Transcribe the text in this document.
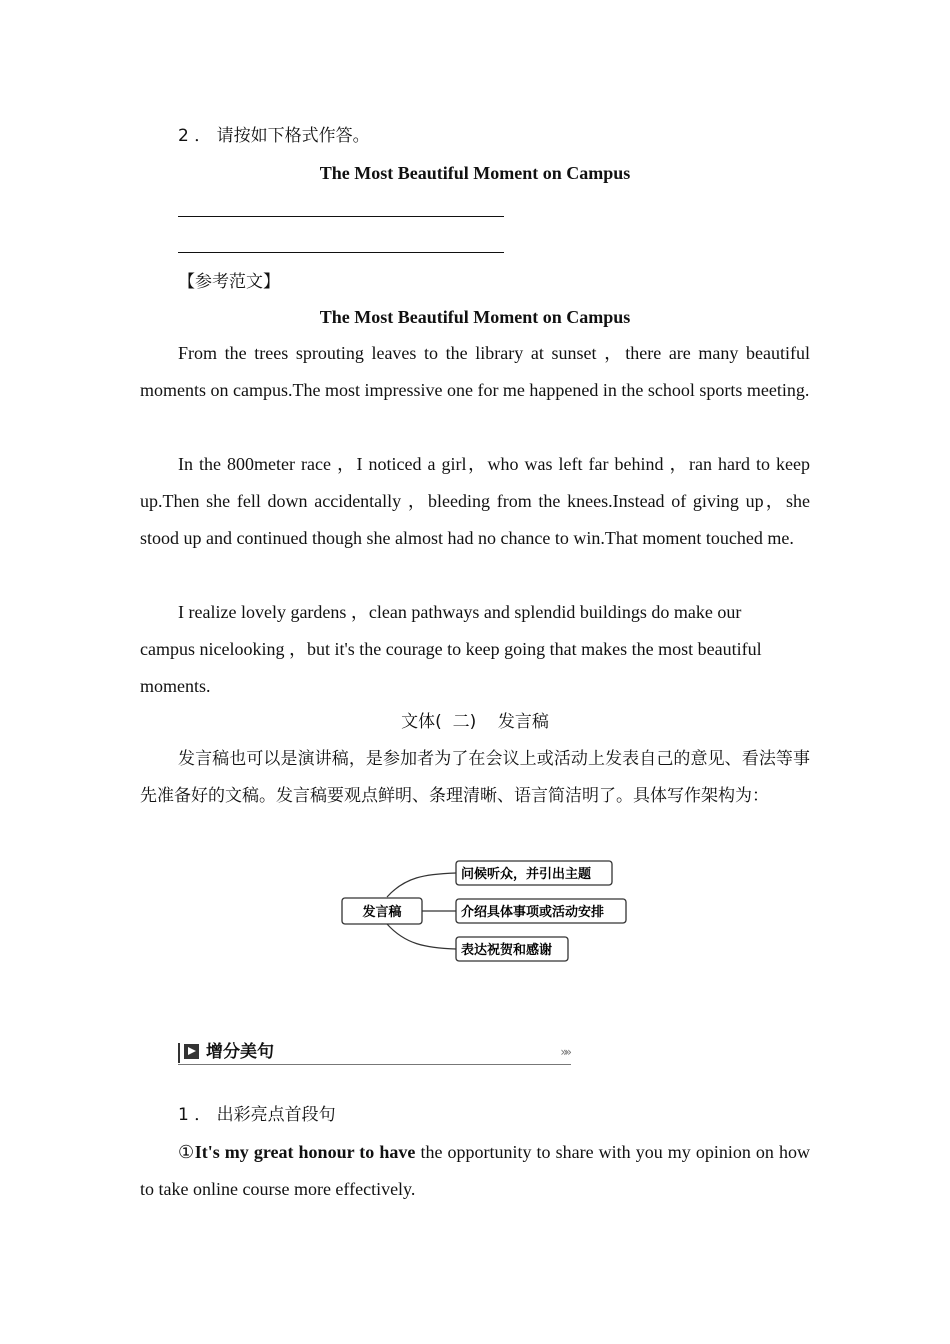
2 ． 请按如下格式作答。

The Most Beautiful Moment on Campus

【参考范文】

The Most Beautiful Moment on Campus

From the trees sprouting leaves to the library at sunset ，there are many beautiful moments on campus.The most impressive one for me happened in the school sports meeting.

In the 800meter race ，I noticed a girl，who was left far behind ，ran hard to keep up.Then she fell down accidentally ，bleeding from the knees.Instead of giving up，she stood up and continued though she almost had no chance to win.That moment touched me.

I realize lovely gardens ，clean pathways and splendid buildings do make our campus nicelooking ，but it's the courage to keep going that makes the most beautiful moments.

文体(  二)    发言稿

发言稿也可以是演讲稿，是参加者为了在会议上或活动上发表自己的意见、看法等事先准备好的文稿。发言稿要观点鲜明、条理清晰、语言简洁明了。具体写作架构为：

发言稿
问候听众，并引出主题
介绍具体事项或活动安排
表达祝贺和感谢
增分美句	»»

1 ． 出彩亮点首段句

①It's my great honour to have the opportunity to share with you my opinion on how to take online course more effectively.
